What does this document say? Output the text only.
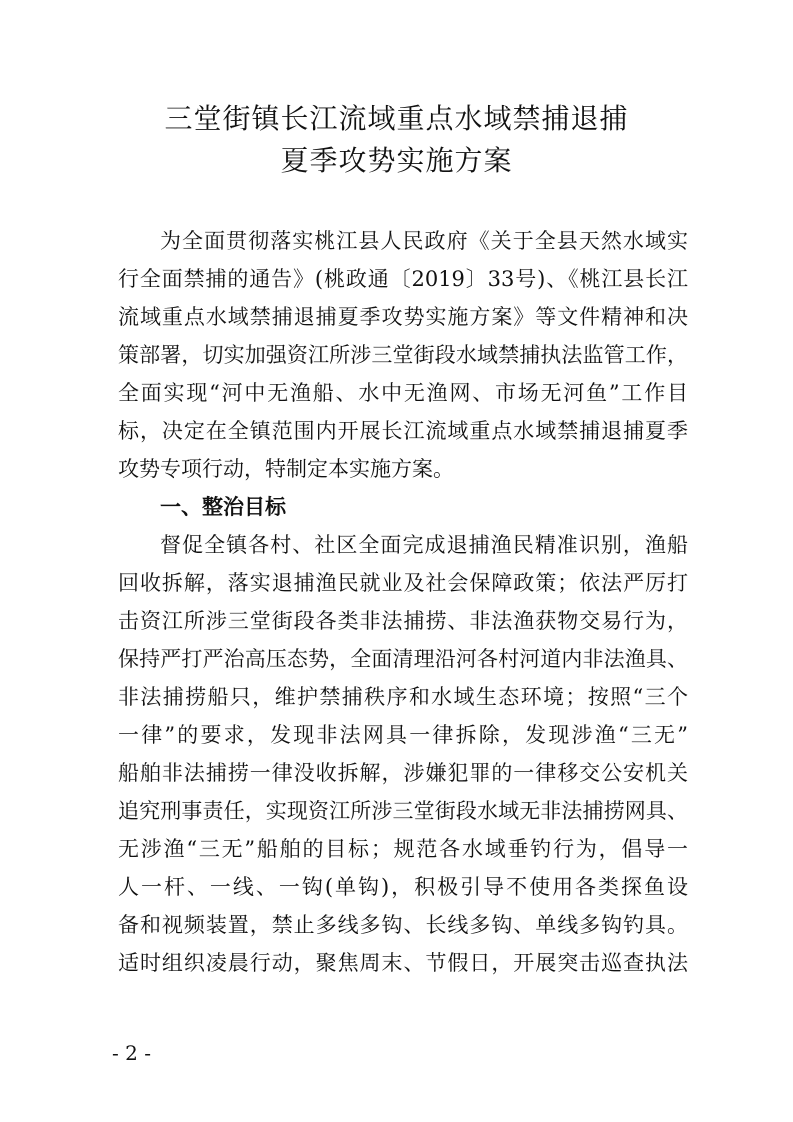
三堂街镇长江流域重点水域禁捕退捕
夏季攻势实施方案
为全面贯彻落实桃江县人民政府《关于全县天然水域实
行全面禁捕的通告》(桃政通〔2019〕33号)、《桃江县长江
流域重点水域禁捕退捕夏季攻势实施方案》等文件精神和决
策部署，切实加强资江所涉三堂街段水域禁捕执法监管工作，
全面实现“河中无渔船、水中无渔网、市场无河鱼”工作目
标，决定在全镇范围内开展长江流域重点水域禁捕退捕夏季
攻势专项行动，特制定本实施方案。
一、整治目标
督促全镇各村、社区全面完成退捕渔民精准识别，渔船
回收拆解，落实退捕渔民就业及社会保障政策；依法严厉打
击资江所涉三堂街段各类非法捕捞、非法渔获物交易行为，
保持严打严治高压态势，全面清理沿河各村河道内非法渔具、
非法捕捞船只，维护禁捕秩序和水域生态环境；按照“三个
一律”的要求，发现非法网具一律拆除，发现涉渔“三无”
船舶非法捕捞一律没收拆解，涉嫌犯罪的一律移交公安机关
追究刑事责任，实现资江所涉三堂街段水域无非法捕捞网具、
无涉渔“三无”船舶的目标；规范各水域垂钓行为，倡导一
人一杆、一线、一钩(单钩)，积极引导不使用各类探鱼设
备和视频装置，禁止多线多钩、长线多钩、单线多钩钓具。
适时组织凌晨行动，聚焦周末、节假日，开展突击巡查执法
- 2 -
